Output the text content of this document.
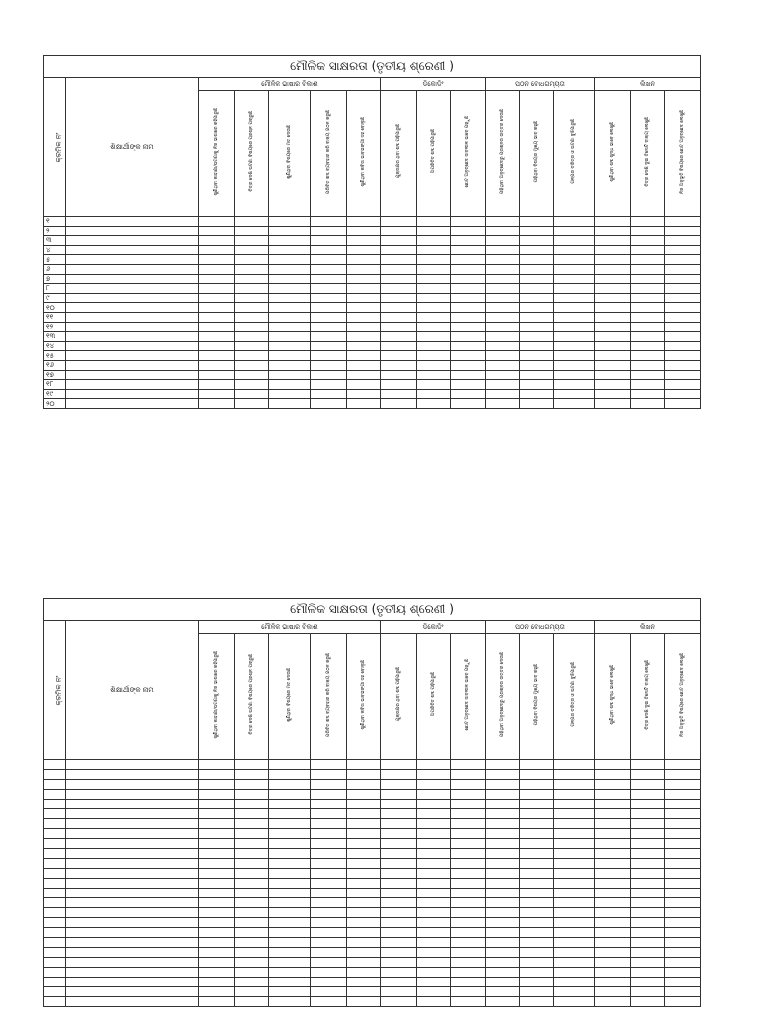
ମୌଳିକ ସାକ୍ଷରତା (ତୃତୀୟ ଶ୍ରେଣୀ )															
କ୍ରମିକ ନଂ	ଶିକ୍ଷାର୍ଥୀଙ୍କ ନାମ	ମୌଳିକ ଭାଷାର ବିକାଶ					ଡିକୋଡିଂ			ପଠନ ବୋଧଗମ୍ୟତା			ଲିଖନ		
		ଶୁଣିଥିବା କାହାଣୀ/ଘଟଣାକୁ ନିଜ ଭାଷାରେ କହିପାରୁଛି	ଚିତ୍ର ଦେଖି ଘଟଣା ବିଷୟରେ ପ୍ରଶ୍ନ ପଚାରୁଛି	ଶୁଣିଥିବା ବିଷୟରେ ମତ ଦେଉଛି	ପରିଚିତ ଶବ୍ଦ ବ୍ୟବହାର କରି ବାକ୍ୟ ଗଠନ କରୁଛି	ଶୁଣିଥିବା କବିତା ଭାବଭଙ୍ଗୀ ସହ ବୋଲୁଛି	ଯୁକ୍ତାକ୍ଷର ଥିବା ଶବ୍ଦ ପଢ଼ିପାରୁଛି	ଅପରିଚିତ ଶବ୍ଦ ପଢ଼ିପାରୁଛି	ଛୋଟ ଅନୁଚ୍ଛେଦ ସାବଲୀଳ ଭାବେ ପଢ଼ୁଛି	ପଢ଼ିଥିବା ଅନୁଚ୍ଛେଦରୁ ପ୍ରଶ୍ନର ଉତ୍ତର ଦେଉଛି	ପଢ଼ିଥିବା ବିଷୟର ମୁଖ୍ୟ ଭାବ କହୁଛି	ଗଳ୍ପର ଚରିତ୍ର ଓ ଘଟଣା ବୁଝିପାରୁଛି	ଶୁଣିଥିବା ଶବ୍ଦ ଶୁଦ୍ଧ ଭାବେ ଲେଖୁଛି	ଚିତ୍ର ଦେଖି ଦୁଇ ତିନୋଟି ବାକ୍ୟ ଲେଖୁଛି	ନିଜ ଅନୁଭୂତି ବିଷୟରେ ଛୋଟ ଅନୁଚ୍ଛେଦ ଲେଖୁଛି
୧															
୨															
୩															
୪															
୫															
୬															
୭															
୮															
୯															
୧୦															
୧୧															
୧୨															
୧୩															
୧୪															
୧୫															
୧୬															
୧୭															
୧୮															
୧୯															
୨୦															
ମୌଳିକ ସାକ୍ଷରତା (ତୃତୀୟ ଶ୍ରେଣୀ )															
କ୍ରମିକ ନଂ	ଶିକ୍ଷାର୍ଥୀଙ୍କ ନାମ	ମୌଳିକ ଭାଷାର ବିକାଶ					ଡିକୋଡିଂ			ପଠନ ବୋଧଗମ୍ୟତା			ଲିଖନ		
		ଶୁଣିଥିବା କାହାଣୀ/ଘଟଣାକୁ ନିଜ ଭାଷାରେ କହିପାରୁଛି	ଚିତ୍ର ଦେଖି ଘଟଣା ବିଷୟରେ ପ୍ରଶ୍ନ ପଚାରୁଛି	ଶୁଣିଥିବା ବିଷୟରେ ମତ ଦେଉଛି	ପରିଚିତ ଶବ୍ଦ ବ୍ୟବହାର କରି ବାକ୍ୟ ଗଠନ କରୁଛି	ଶୁଣିଥିବା କବିତା ଭାବଭଙ୍ଗୀ ସହ ବୋଲୁଛି	ଯୁକ୍ତାକ୍ଷର ଥିବା ଶବ୍ଦ ପଢ଼ିପାରୁଛି	ଅପରିଚିତ ଶବ୍ଦ ପଢ଼ିପାରୁଛି	ଛୋଟ ଅନୁଚ୍ଛେଦ ସାବଲୀଳ ଭାବେ ପଢ଼ୁଛି	ପଢ଼ିଥିବା ଅନୁଚ୍ଛେଦରୁ ପ୍ରଶ୍ନର ଉତ୍ତର ଦେଉଛି	ପଢ଼ିଥିବା ବିଷୟର ମୁଖ୍ୟ ଭାବ କହୁଛି	ଗଳ୍ପର ଚରିତ୍ର ଓ ଘଟଣା ବୁଝିପାରୁଛି	ଶୁଣିଥିବା ଶବ୍ଦ ଶୁଦ୍ଧ ଭାବେ ଲେଖୁଛି	ଚିତ୍ର ଦେଖି ଦୁଇ ତିନୋଟି ବାକ୍ୟ ଲେଖୁଛି	ନିଜ ଅନୁଭୂତି ବିଷୟରେ ଛୋଟ ଅନୁଚ୍ଛେଦ ଲେଖୁଛି
